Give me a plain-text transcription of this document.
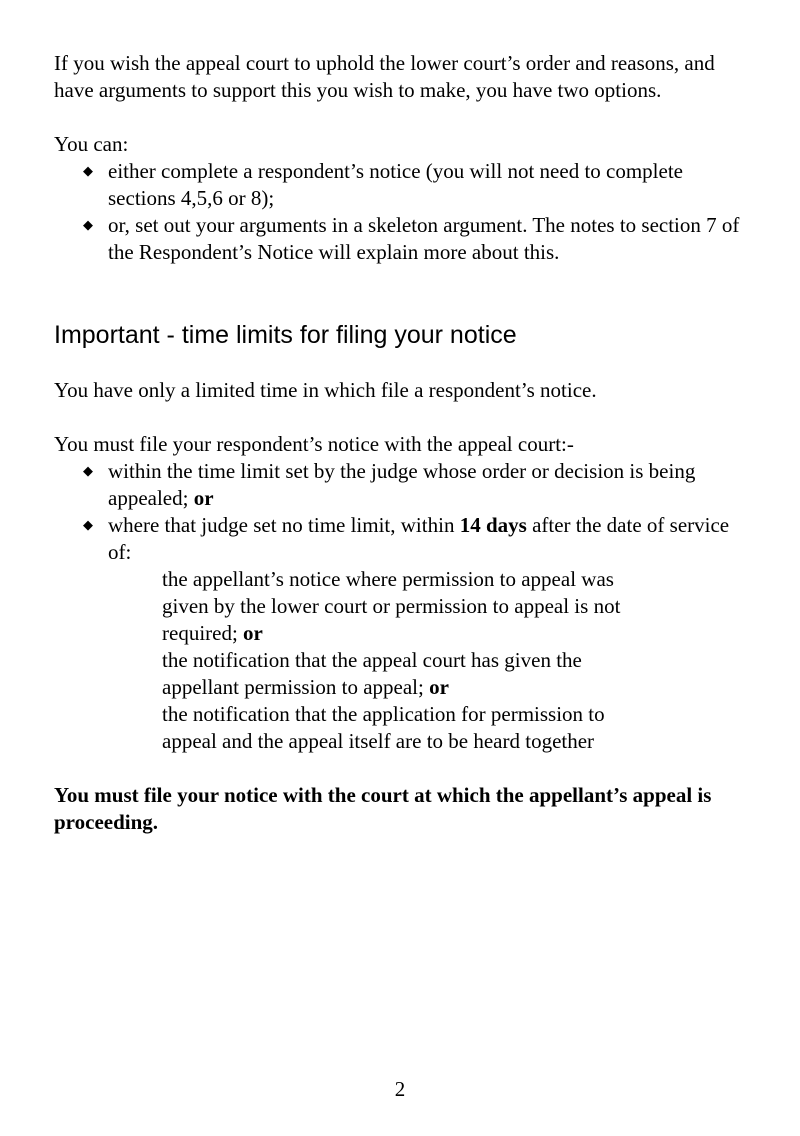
If you wish the appeal court to uphold the lower court’s order and reasons, and have arguments to support this you wish to make, you have two options.

You can:

◆ either complete a respondent’s notice (you will not need to complete sections 4,5,6 or 8);
◆ or, set out your arguments in a skeleton argument. The notes to section 7 of the Respondent’s Notice will explain more about this.

Important - time limits for filing your notice

You have only a limited time in which file a respondent’s notice.

You must file your respondent’s notice with the appeal court:-

◆ within the time limit set by the judge whose order or decision is being appealed; or
◆ where that judge set no time limit, within 14 days after the date of service of:

the appellant’s notice where permission to appeal was given by the lower court or permission to appeal is not required; or

the notification that the appeal court has given the appellant permission to appeal; or

the notification that the application for permission to appeal and the appeal itself are to be heard together

You must file your notice with the court at which the appellant’s appeal is proceeding.

2
